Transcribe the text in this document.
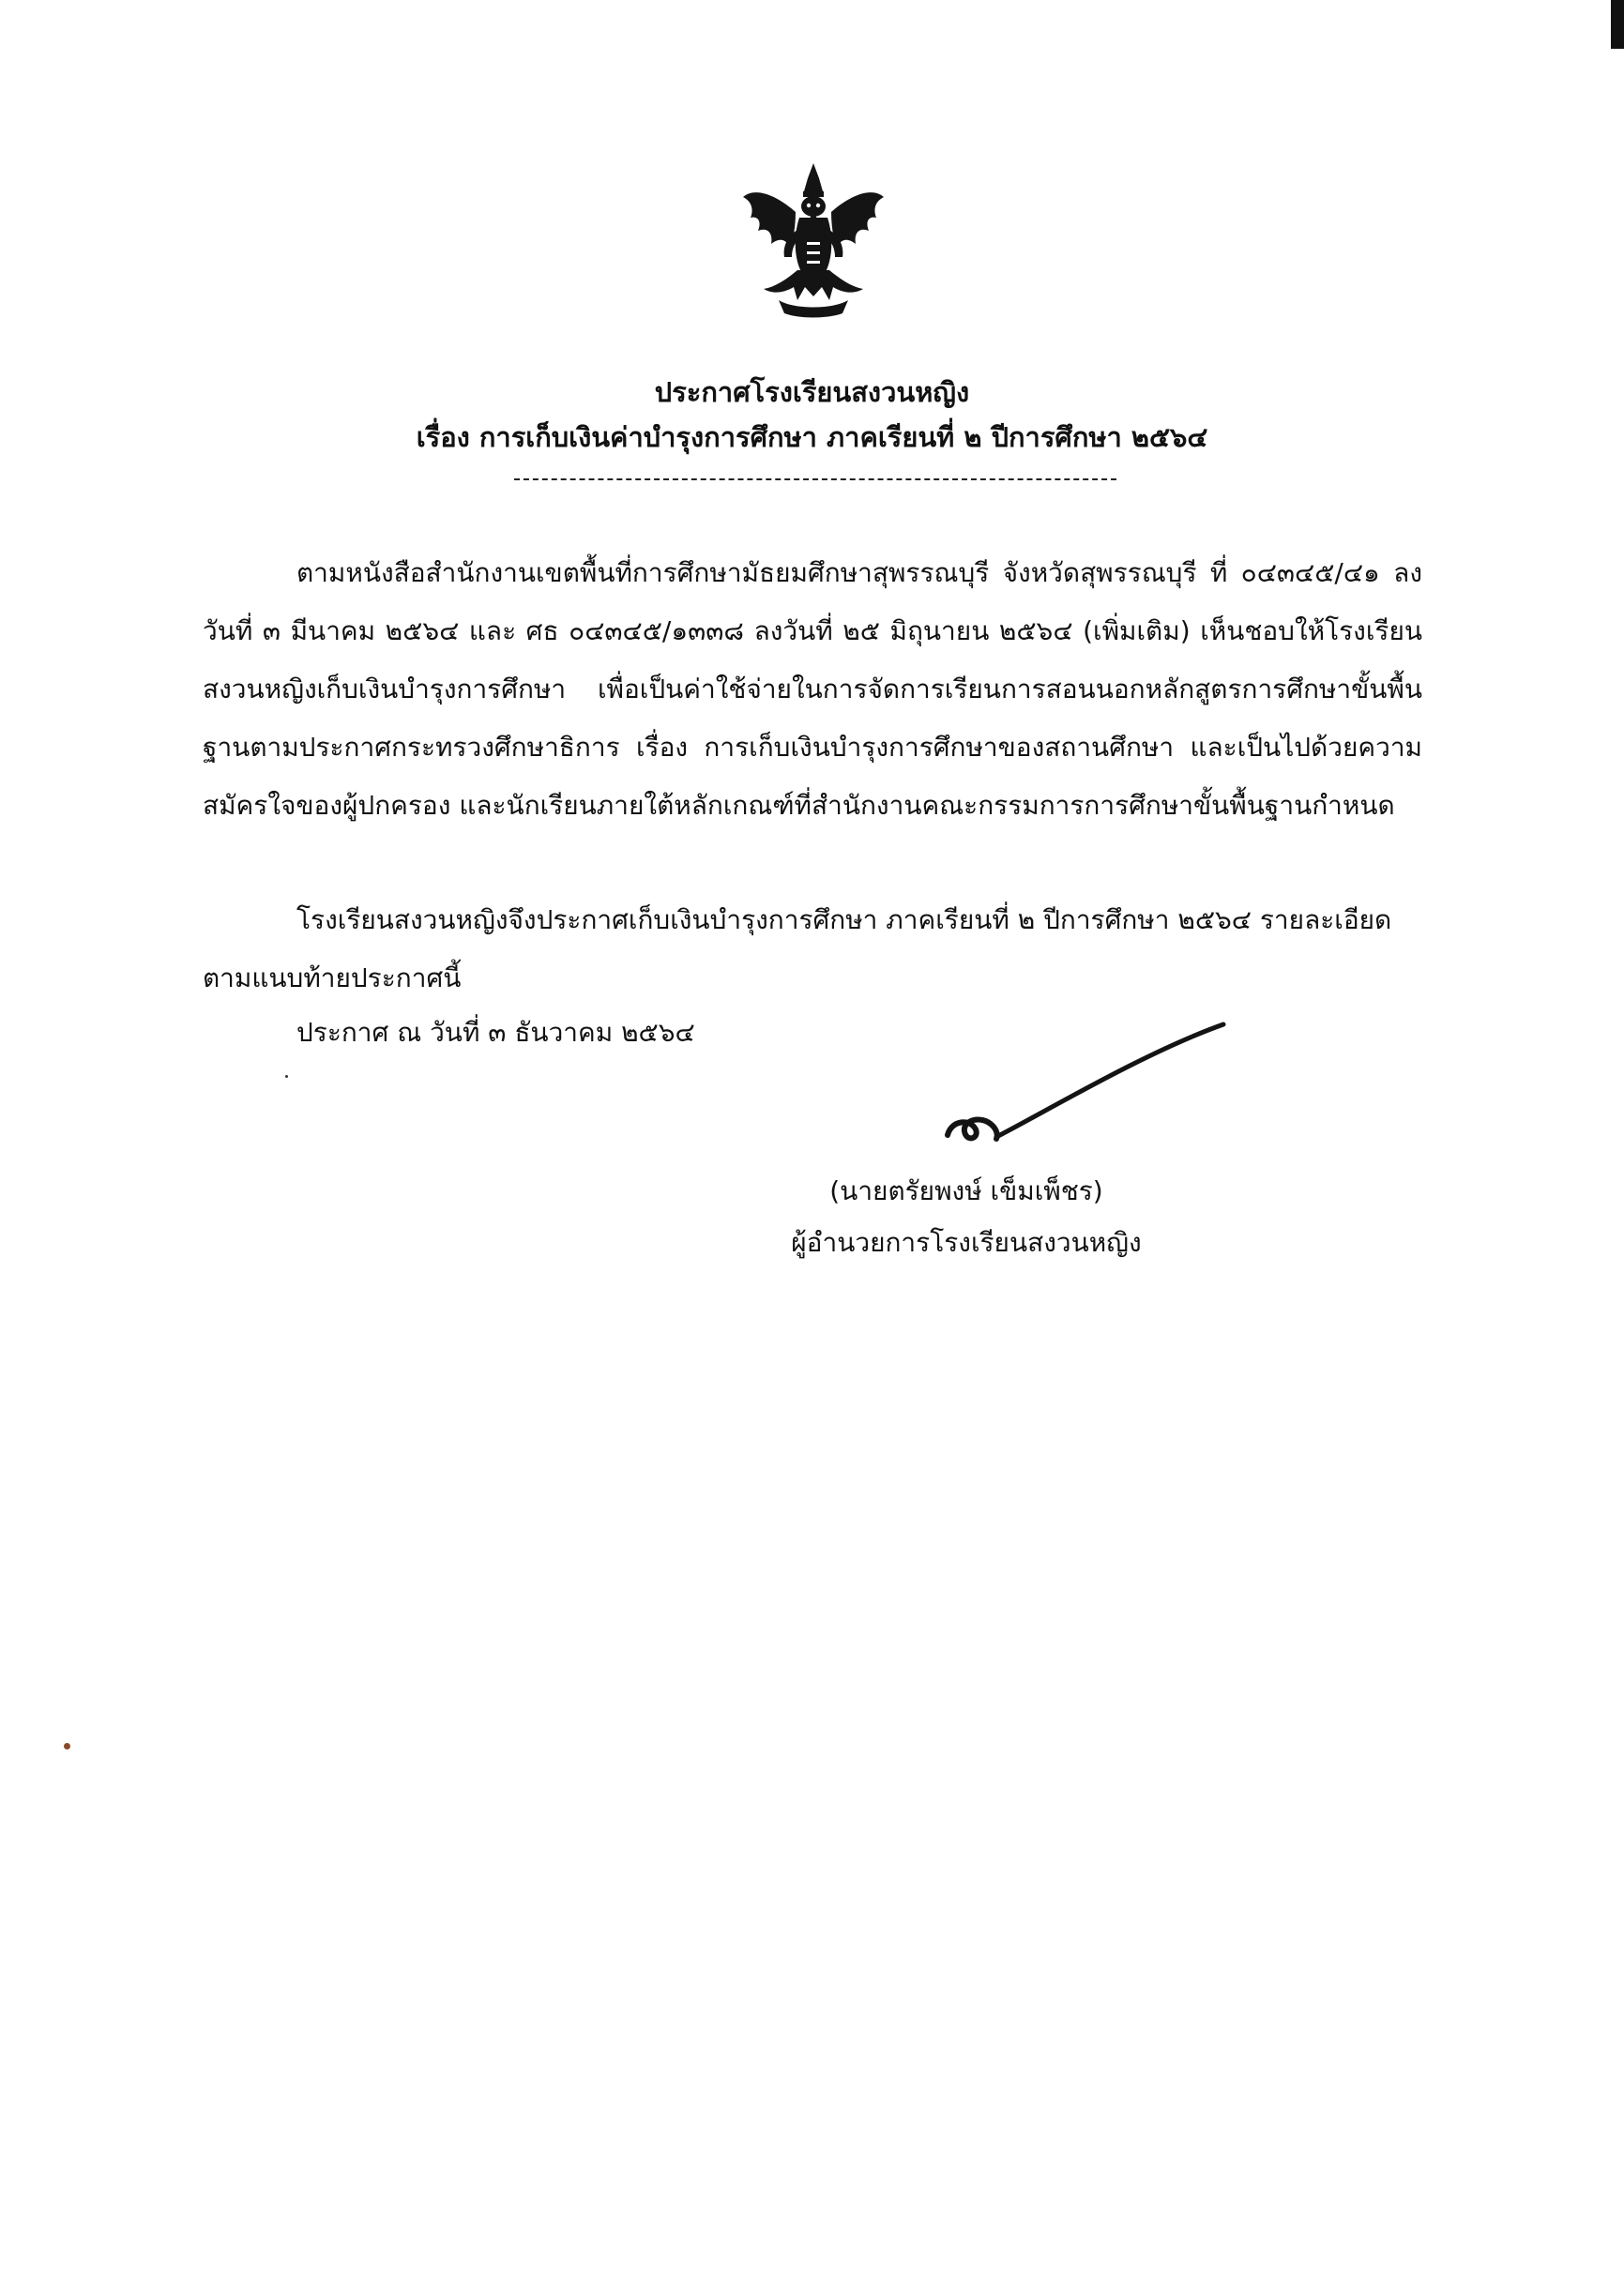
ประกาศโรงเรียนสงวนหญิง
เรื่อง การเก็บเงินค่าบำรุงการศึกษา ภาคเรียนที่ ๒ ปีการศึกษา ๒๕๖๔
ตามหนังสือสำนักงานเขตพื้นที่การศึกษามัธยมศึกษาสุพรรณบุรี จังหวัดสุพรรณบุรี ที่ ๐๔๓๔๕/๔๑ ลงวันที่ ๓ มีนาคม ๒๕๖๔ และ ศธ ๐๔๓๔๕/๑๓๓๘ ลงวันที่ ๒๕ มิถุนายน ๒๕๖๔ (เพิ่มเติม) เห็นชอบให้โรงเรียนสงวนหญิงเก็บเงินบำรุงการศึกษา เพื่อเป็นค่าใช้จ่ายในการจัดการเรียนการสอนนอกหลักสูตรการศึกษาขั้นพื้นฐานตามประกาศกระทรวงศึกษาธิการ เรื่อง การเก็บเงินบำรุงการศึกษาของสถานศึกษา และเป็นไปด้วยความสมัครใจของผู้ปกครอง และนักเรียนภายใต้หลักเกณฑ์ที่สำนักงานคณะกรรมการการศึกษาขั้นพื้นฐานกำหนด
โรงเรียนสงวนหญิงจึงประกาศเก็บเงินบำรุงการศึกษา ภาคเรียนที่ ๒ ปีการศึกษา ๒๕๖๔ รายละเอียดตามแนบท้ายประกาศนี้
ประกาศ ณ วันที่ ๓ ธันวาคม ๒๕๖๔
(นายตรัยพงษ์ เข็มเพ็ชร)
ผู้อำนวยการโรงเรียนสงวนหญิง
